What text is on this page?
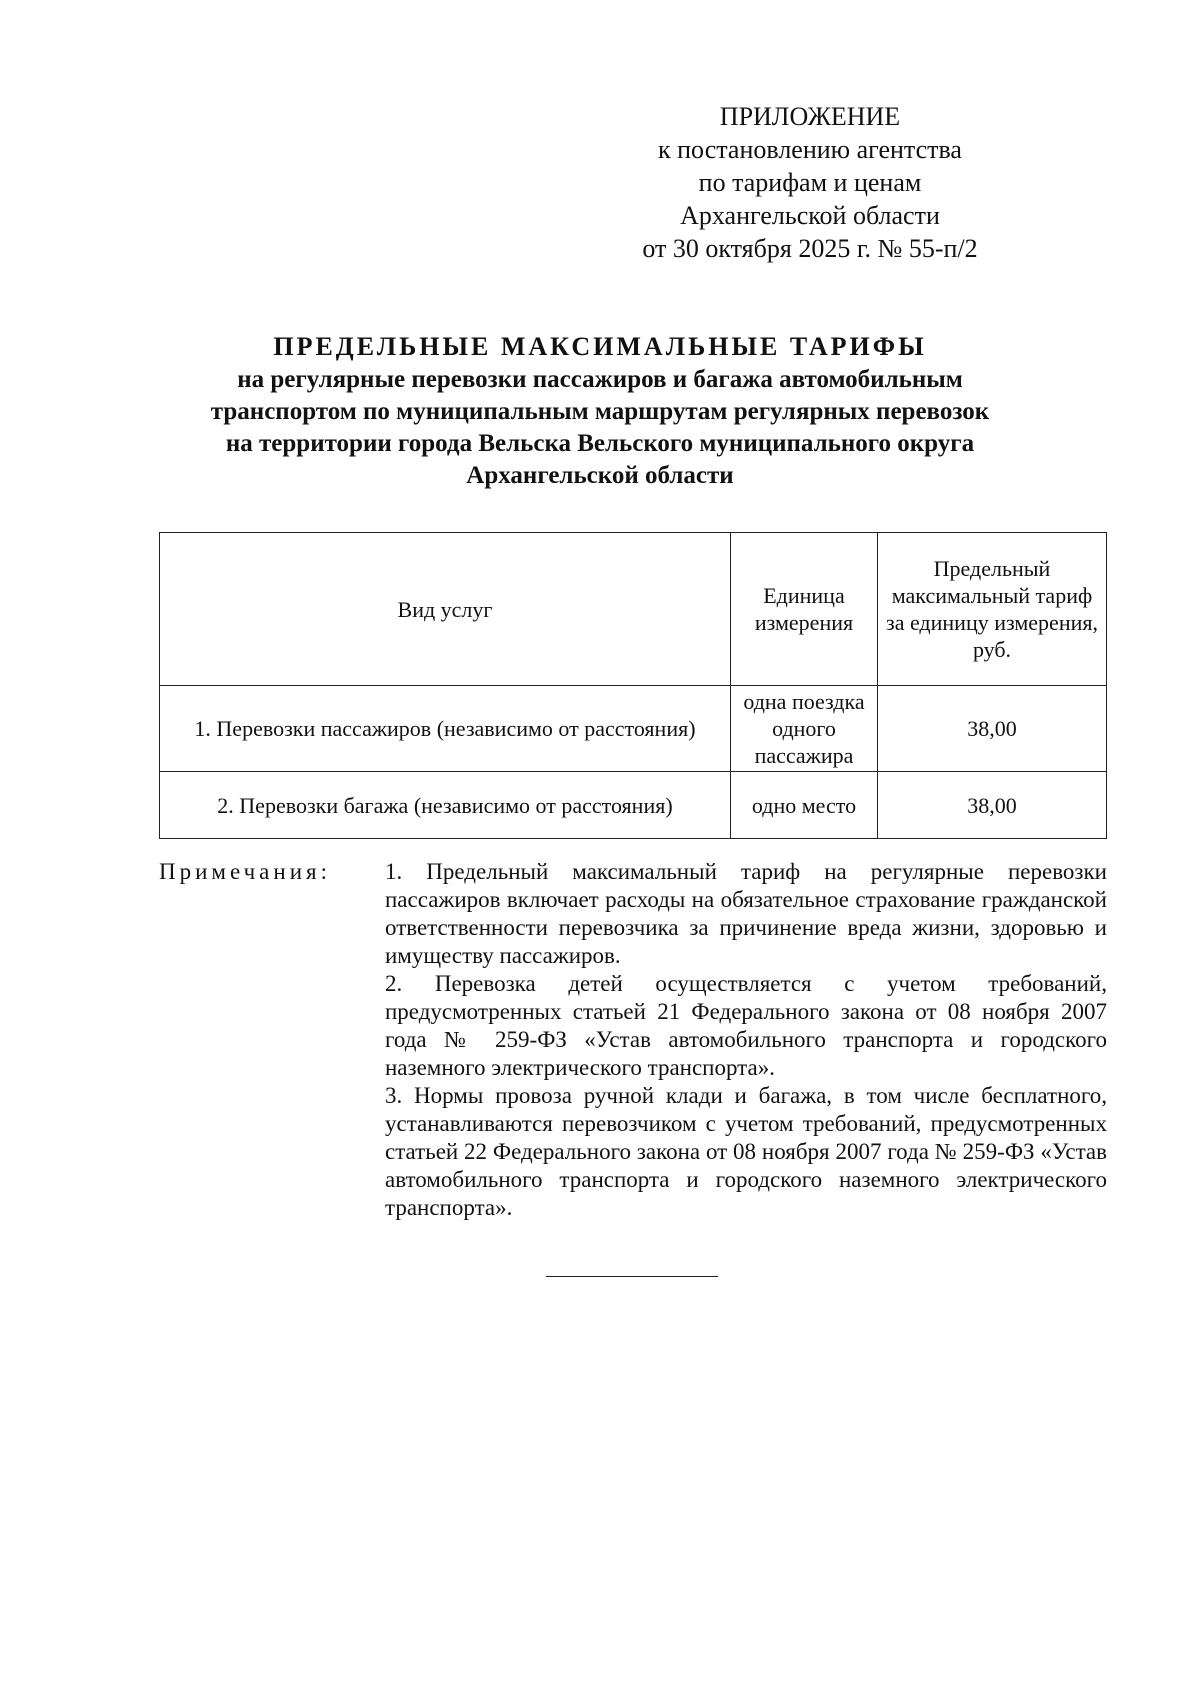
ПРИЛОЖЕНИЕ
к постановлению агентства
по тарифам и ценам
Архангельской области
от 30 октября 2025 г. № 55-п/2
ПРЕДЕЛЬНЫЕ МАКСИМАЛЬНЫЕ ТАРИФЫ
на регулярные перевозки пассажиров и багажа автомобильным
транспортом по муниципальным маршрутам регулярных перевозок
на территории города Вельска Вельского муниципального округа
Архангельской области
Вид услуг	Единица измерения	Предельный максимальный тариф за единицу измерения, руб.
1. Перевозки пассажиров (независимо от расстояния)	одна поездка одного пассажира	38,00
2. Перевозки багажа (независимо от расстояния)	одно место	38,00
Примечания: 1. Предельный максимальный тариф на регулярные перевозки пассажиров включает расходы на обязательное страхование гражданской ответственности перевозчика за причинение вреда жизни, здоровью и имуществу пассажиров.

2. Перевозка детей осуществляется с учетом требований, предусмотренных статьей 21 Федерального закона от 08 ноября 2007 года № 259-ФЗ «Устав автомобильного транспорта и городского наземного электрического транспорта».

3. Нормы провоза ручной клади и багажа, в том числе бесплатного, устанавливаются перевозчиком с учетом требований, предусмотренных статьей 22 Федерального закона от 08 ноября 2007 года № 259-ФЗ «Устав автомобильного транспорта и городского наземного электрического транспорта».
